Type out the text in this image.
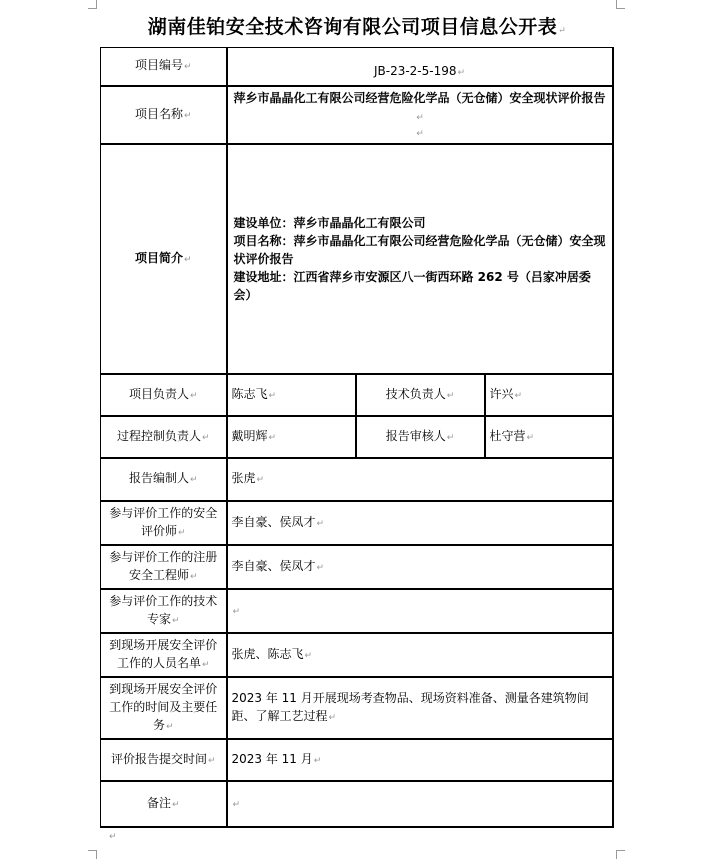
湖南佳铂安全技术咨询有限公司项目信息公开表↵
项目编号↵	JB-23-2-5-198↵		
项目名称↵	萍乡市晶晶化工有限公司经营危险化学品（无仓储）安全现状评价报告↵
↵		

项目简介↵	建设单位：萍乡市晶晶化工有限公司
项目名称：萍乡市晶晶化工有限公司经营危险化学品（无仓储）安全现状评价报告
建设地址：江西省萍乡市安源区八一街西环路 262 号（吕家冲居委会）		

项目负责人↵	陈志飞↵	技术负责人↵	许兴↵
过程控制负责人↵	戴明辉↵	报告审核人↵	杜守营↵
报告编制人↵	张虎↵		
参与评价工作的安全评价师↵	李自豪、侯凤才↵		
参与评价工作的注册安全工程师↵	李自豪、侯凤才↵		
参与评价工作的技术专家↵	↵		
到现场开展安全评价工作的人员名单↵	张虎、陈志飞↵		
到现场开展安全评价工作的时间及主要任务↵	2023 年 11 月开展现场考查物品、现场资料准备、测量各建筑物间距、了解工艺过程↵		
评价报告提交时间↵	2023 年 11 月↵		
备注↵	↵		
↵
